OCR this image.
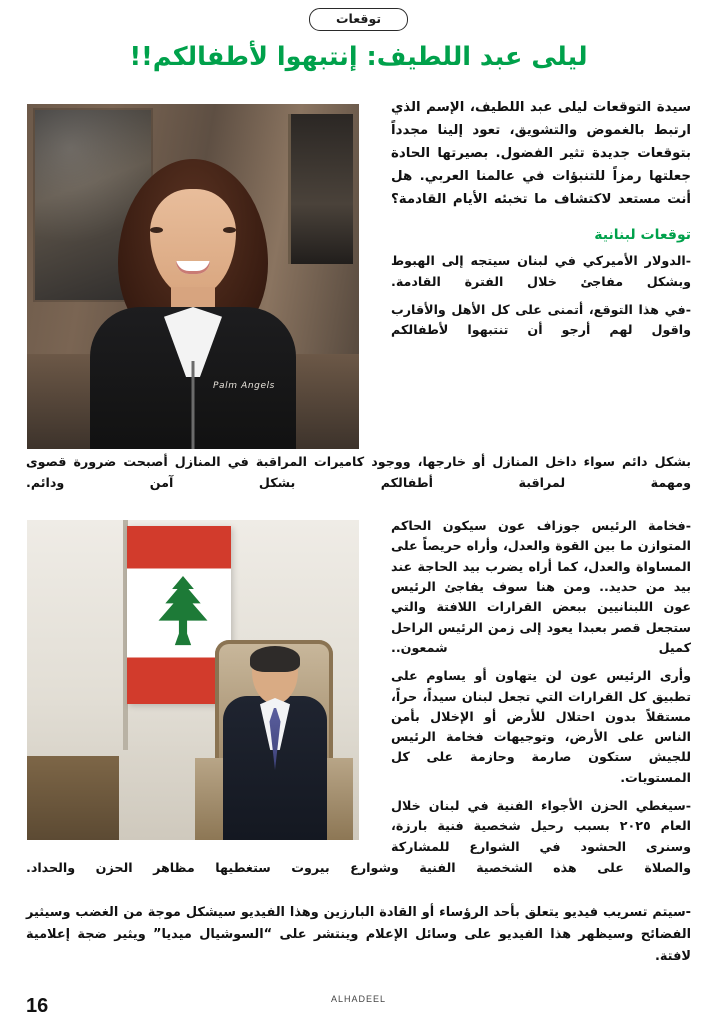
توقعات
ليلى عبد اللطيف: إنتبهوا لأطفالكم!!
Palm Angels
سيدة التوقعات ليلى عبد اللطيف، الإسم الذي ارتبط بالغموض والتشويق، تعود إلينا مجدداً بتوقعات جديدة تثير الفضول. بصيرتها الحادة جعلتها رمزاً للتنبؤات في عالمنا العربي. هل أنت مستعد لاكتشاف ما تخبئه الأيام القادمة؟
توقعات لبنانية

-الدولار الأميركي في لبنان سيتجه إلى الهبوط وبشكل مفاجئ خلال الفترة القادمة.

-في هذا التوقع، أتمنى على كل الأهل والأقارب واقول لهم أرجو أن تنتبهوا لأطفالكم

بشكل دائم سواء داخل المنازل أو خارجها، ووجود كاميرات المراقبة في المنازل أصبحت ضرورة قصوى ومهمة لمراقبة أطفالكم بشكل آمن ودائم.

-فخامة الرئيس جوزاف عون سيكون الحاكم المتوازن ما بين القوة والعدل، وأراه حريصاً على المساواة والعدل، كما أراه يضرب بيد الحاجة عند بيد من حديد.. ومن هنا سوف يفاجئ الرئيس عون اللبنانيين ببعض القرارات اللافتة والتي ستجعل قصر بعبدا يعود إلى زمن الرئيس الراحل كميل شمعون..

وأرى الرئيس عون لن يتهاون أو يساوم على تطبيق كل القرارات التي تجعل لبنان سيداً، حراً، مستقلاً بدون احتلال للأرض أو الإخلال بأمن الناس على الأرض، وتوجيهات فخامة الرئيس للجيش ستكون صارمة وحازمة على كل المستويات.

-سيغطي الحزن الأجواء الفنية في لبنان خلال العام ٢٠٢٥ بسبب رحيل شخصية فنية بارزة، وسنرى الحشود في الشوارع للمشاركة

والصلاة على هذه الشخصية الفنية وشوارع بيروت ستغطيها مظاهر الحزن والحداد.
-سيتم تسريب فيديو يتعلق بأحد الرؤساء أو القادة البارزين وهذا الفيديو سيشكل موجة من الغضب وسيثير الفضائح وسيظهر هذا الفيديو على وسائل الإعلام وينتشر على “السوشيال ميديا” ويثير ضجة إعلامية لافتة.
ALHADEEL
16
